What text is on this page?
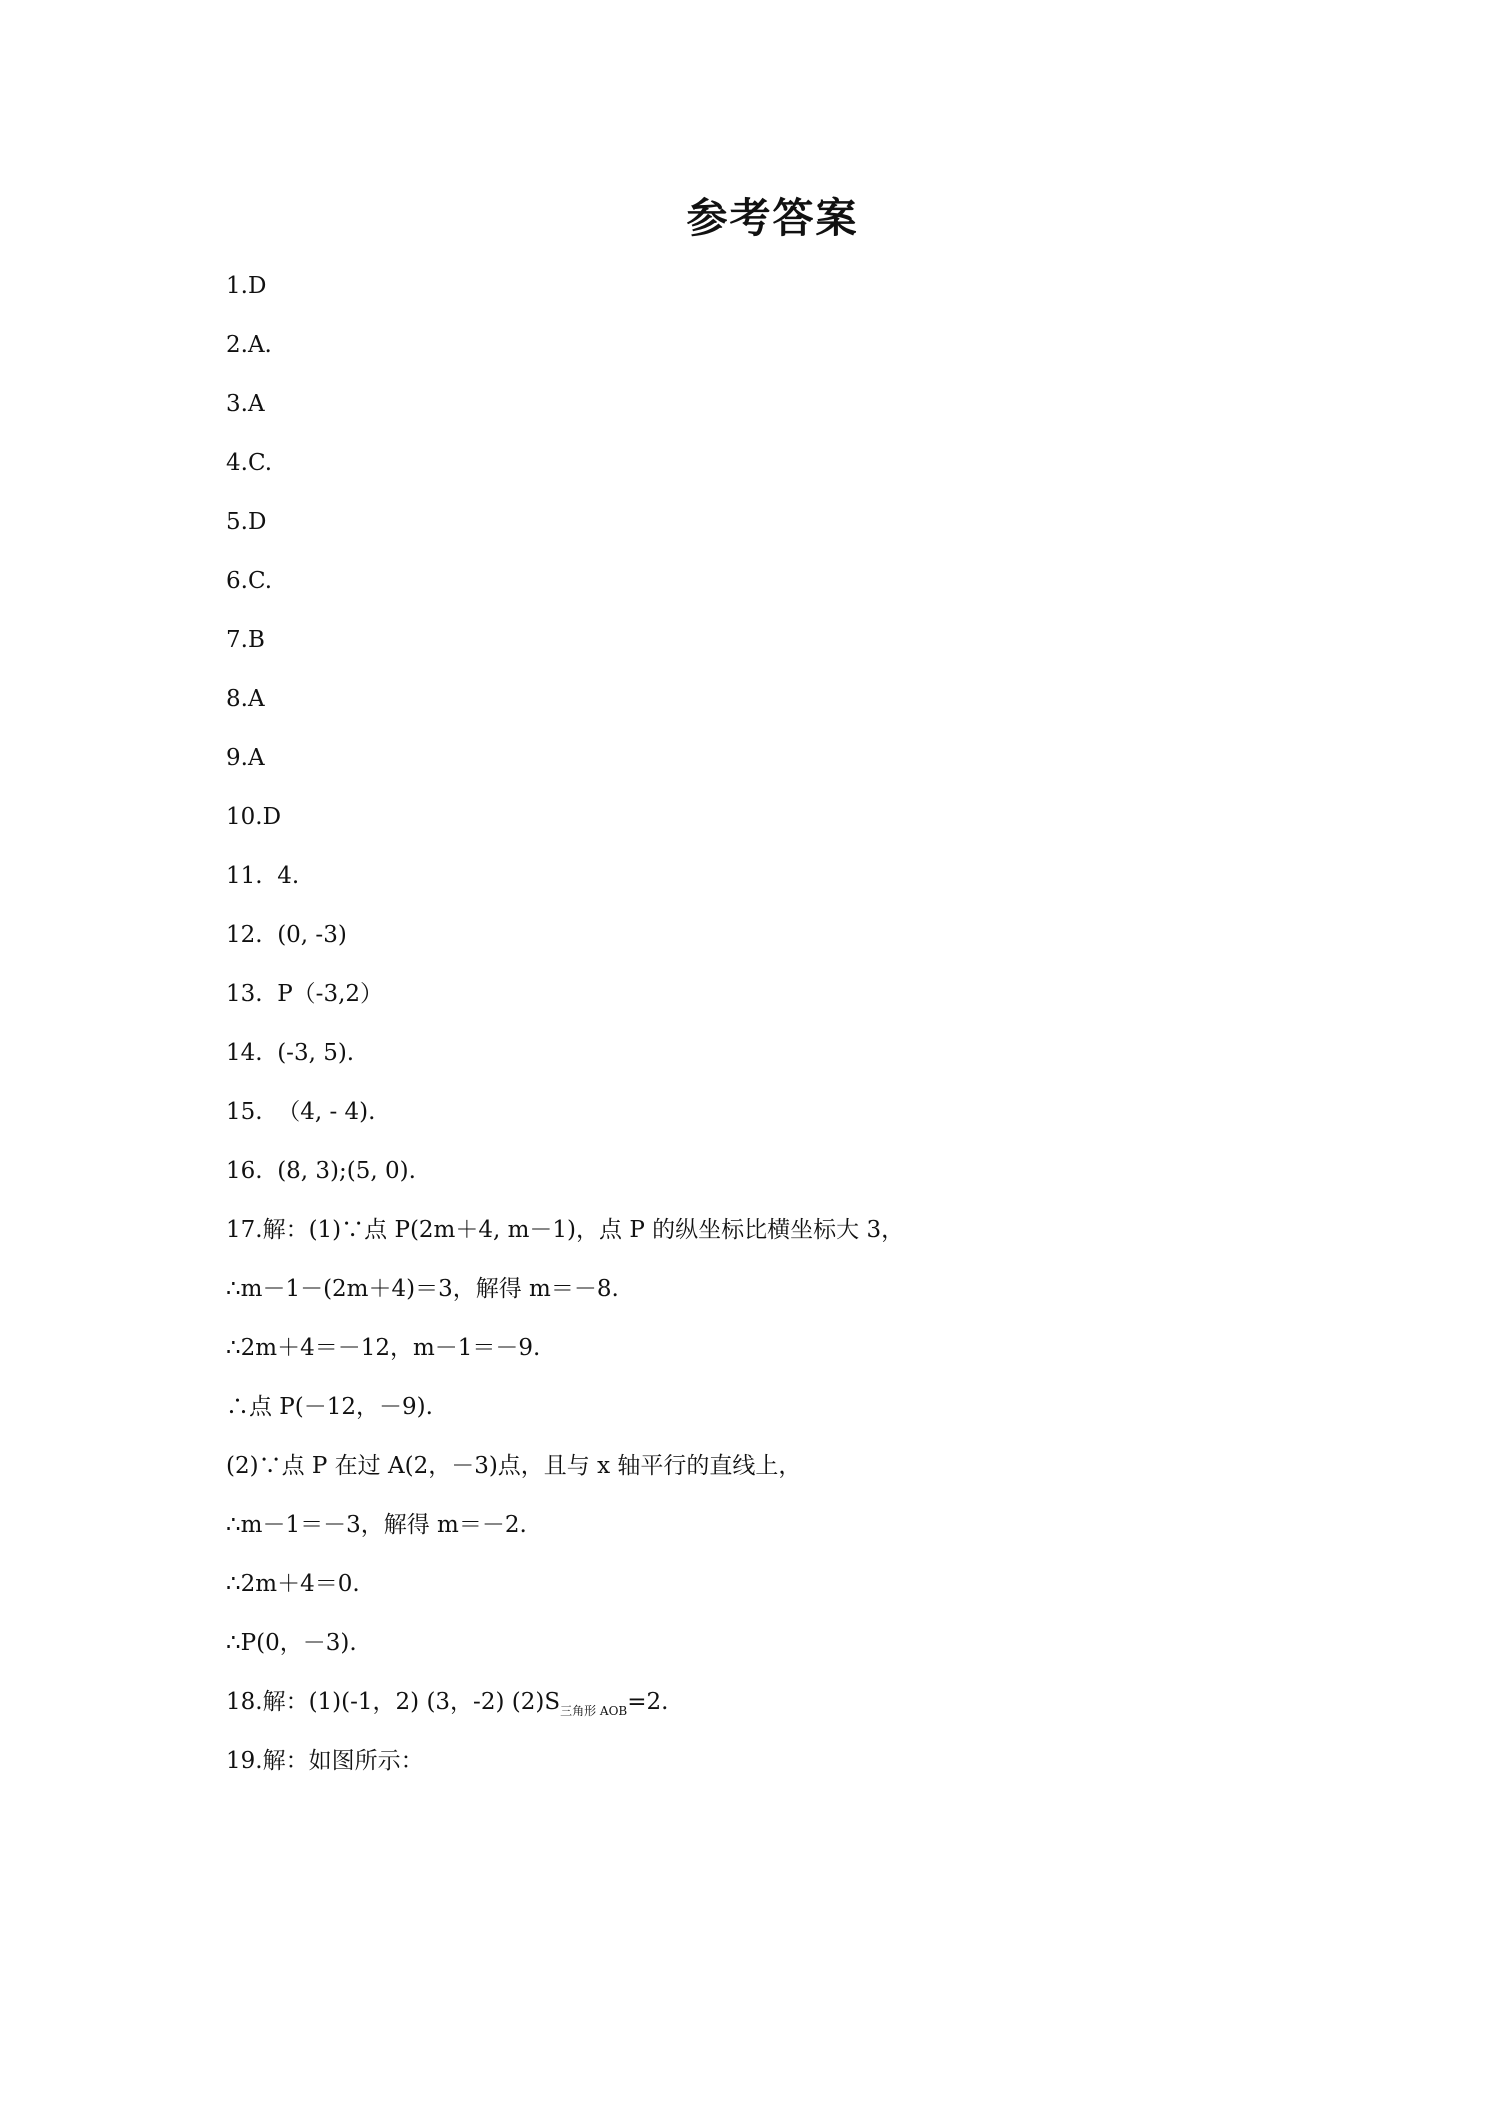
参考答案
1.D
2.A.
3.A
4.C.
5.D
6.C.
7.B
8.A
9.A
10.D
11.  4.
12.  (0, -3)
13.  P（-3,2）
14.  (-3, 5).
15.  （4, - 4).
16.  (8, 3);(5, 0).
17.解：(1)∵点 P(2m＋4, m－1)，点 P 的纵坐标比横坐标大 3，
∴m－1－(2m＋4)＝3，解得 m＝－8.
∴2m＋4＝－12，m－1＝－9.
∴点 P(－12，－9).
(2)∵点 P 在过 A(2，－3)点，且与 x 轴平行的直线上，
∴m－1＝－3，解得 m＝－2.
∴2m＋4＝0.
∴P(0，－3).
18.解：(1)(-1，2) (3，-2) $(2)S_{三角形 AOB}=2$.
19.解：如图所示：
